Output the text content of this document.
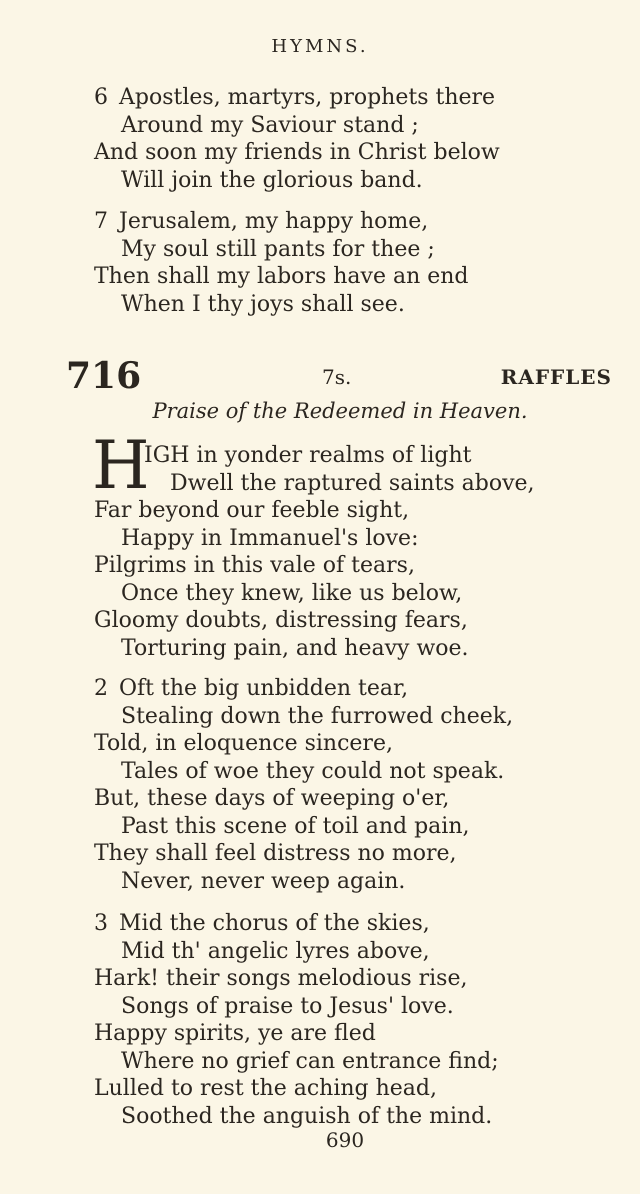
HYMNS.
6 Apostles, martyrs, prophets there
Around my Saviour stand ;
And soon my friends in Christ below
Will join the glorious band.
7 Jerusalem, my happy home,
My soul still pants for thee ;
Then shall my labors have an end
When I thy joys shall see.
716	7s.	RAFFLES
Praise of the Redeemed in Heaven.
H
IGH in yonder realms of light
Dwell the raptured saints above,
Far beyond our feeble sight,
Happy in Immanuel's love:
Pilgrims in this vale of tears,
Once they knew, like us below,
Gloomy doubts, distressing fears,
Torturing pain, and heavy woe.
2 Oft the big unbidden tear,
Stealing down the furrowed cheek,
Told, in eloquence sincere,
Tales of woe they could not speak.
But, these days of weeping o'er,
Past this scene of toil and pain,
They shall feel distress no more,
Never, never weep again.
3 Mid the chorus of the skies,
Mid th' angelic lyres above,
Hark! their songs melodious rise,
Songs of praise to Jesus' love.
Happy spirits, ye are fled
Where no grief can entrance find;
Lulled to rest the aching head,
Soothed the anguish of the mind.
690
